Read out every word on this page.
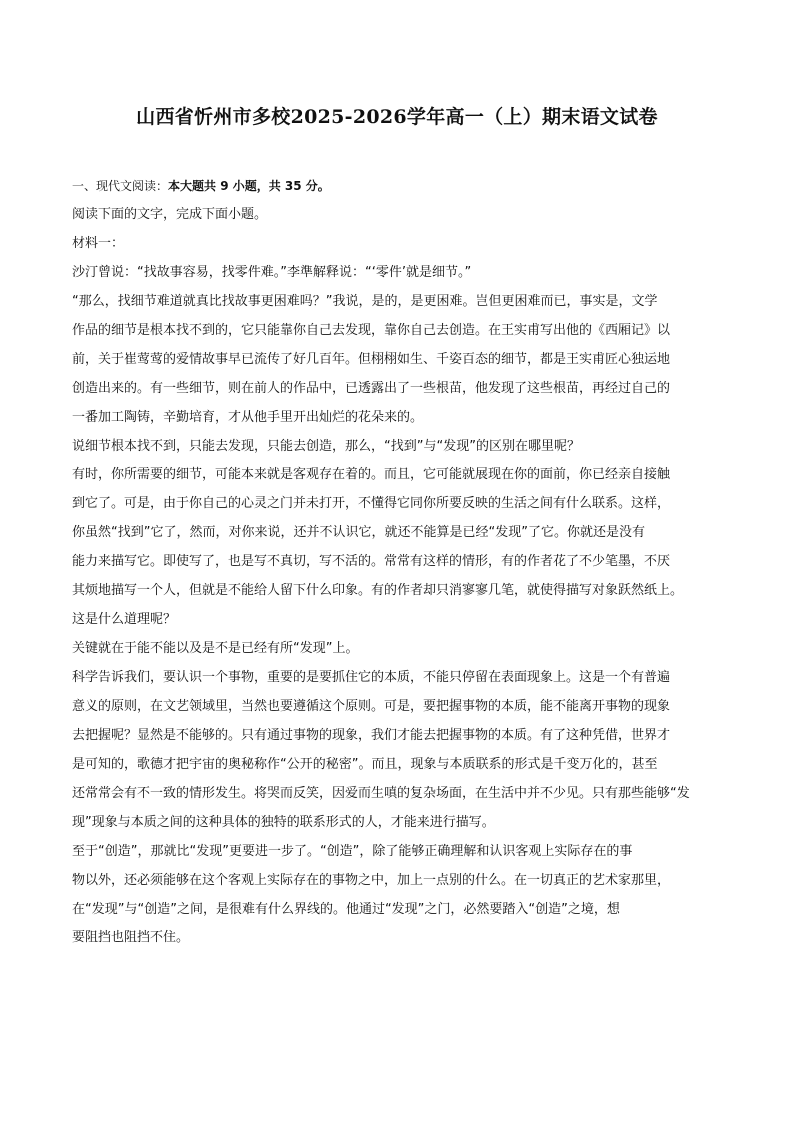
山西省忻州市多校2025-2026学年高一（上）期末语文试卷
一、现代文阅读：本大题共 9 小题，共 35 分。
阅读下面的文字，完成下面小题。
材料一：
沙汀曾说：“找故事容易，找零件难。”李準解释说：“‘零件’就是细节。”
“那么，找细节难道就真比找故事更困难吗？”我说，是的，是更困难。岂但更困难而已，事实是，文学
作品的细节是根本找不到的，它只能靠你自己去发现，靠你自己去创造。在王实甫写出他的《西厢记》以
前，关于崔莺莺的爱情故事早已流传了好几百年。但栩栩如生、千姿百态的细节，都是王实甫匠心独运地
创造出来的。有一些细节，则在前人的作品中，已透露出了一些根苗，他发现了这些根苗，再经过自己的
一番加工陶铸，辛勤培育，才从他手里开出灿烂的花朵来的。
说细节根本找不到，只能去发现，只能去创造，那么，“找到”与“发现”的区别在哪里呢？
有时，你所需要的细节，可能本来就是客观存在着的。而且，它可能就展现在你的面前，你已经亲自接触
到它了。可是，由于你自己的心灵之门并未打开，不懂得它同你所要反映的生活之间有什么联系。这样，
你虽然“找到”它了，然而，对你来说，还并不认识它，就还不能算是已经“发现”了它。你就还是没有
能力来描写它。即使写了，也是写不真切，写不活的。常常有这样的情形，有的作者花了不少笔墨，不厌
其烦地描写一个人，但就是不能给人留下什么印象。有的作者却只消寥寥几笔，就使得描写对象跃然纸上。
这是什么道理呢？
关键就在于能不能以及是不是已经有所“发现”上。
科学告诉我们，要认识一个事物，重要的是要抓住它的本质，不能只停留在表面现象上。这是一个有普遍
意义的原则，在文艺领域里，当然也要遵循这个原则。可是，要把握事物的本质，能不能离开事物的现象
去把握呢？显然是不能够的。只有通过事物的现象，我们才能去把握事物的本质。有了这种凭借，世界才
是可知的，歌德才把宇宙的奥秘称作“公开的秘密”。而且，现象与本质联系的形式是千变万化的，甚至
还常常会有不一致的情形发生。将哭而反笑，因爱而生嗔的复杂场面，在生活中并不少见。只有那些能够“发
现”现象与本质之间的这种具体的独特的联系形式的人，才能来进行描写。
至于“创造”，那就比“发现”更要进一步了。“创造”，除了能够正确理解和认识客观上实际存在的事
物以外，还必须能够在这个客观上实际存在的事物之中，加上一点别的什么。在一切真正的艺术家那里，
在“发现”与“创造”之间，是很难有什么界线的。他通过“发现”之门，必然要踏入“创造”之境，想
要阻挡也阻挡不住。
